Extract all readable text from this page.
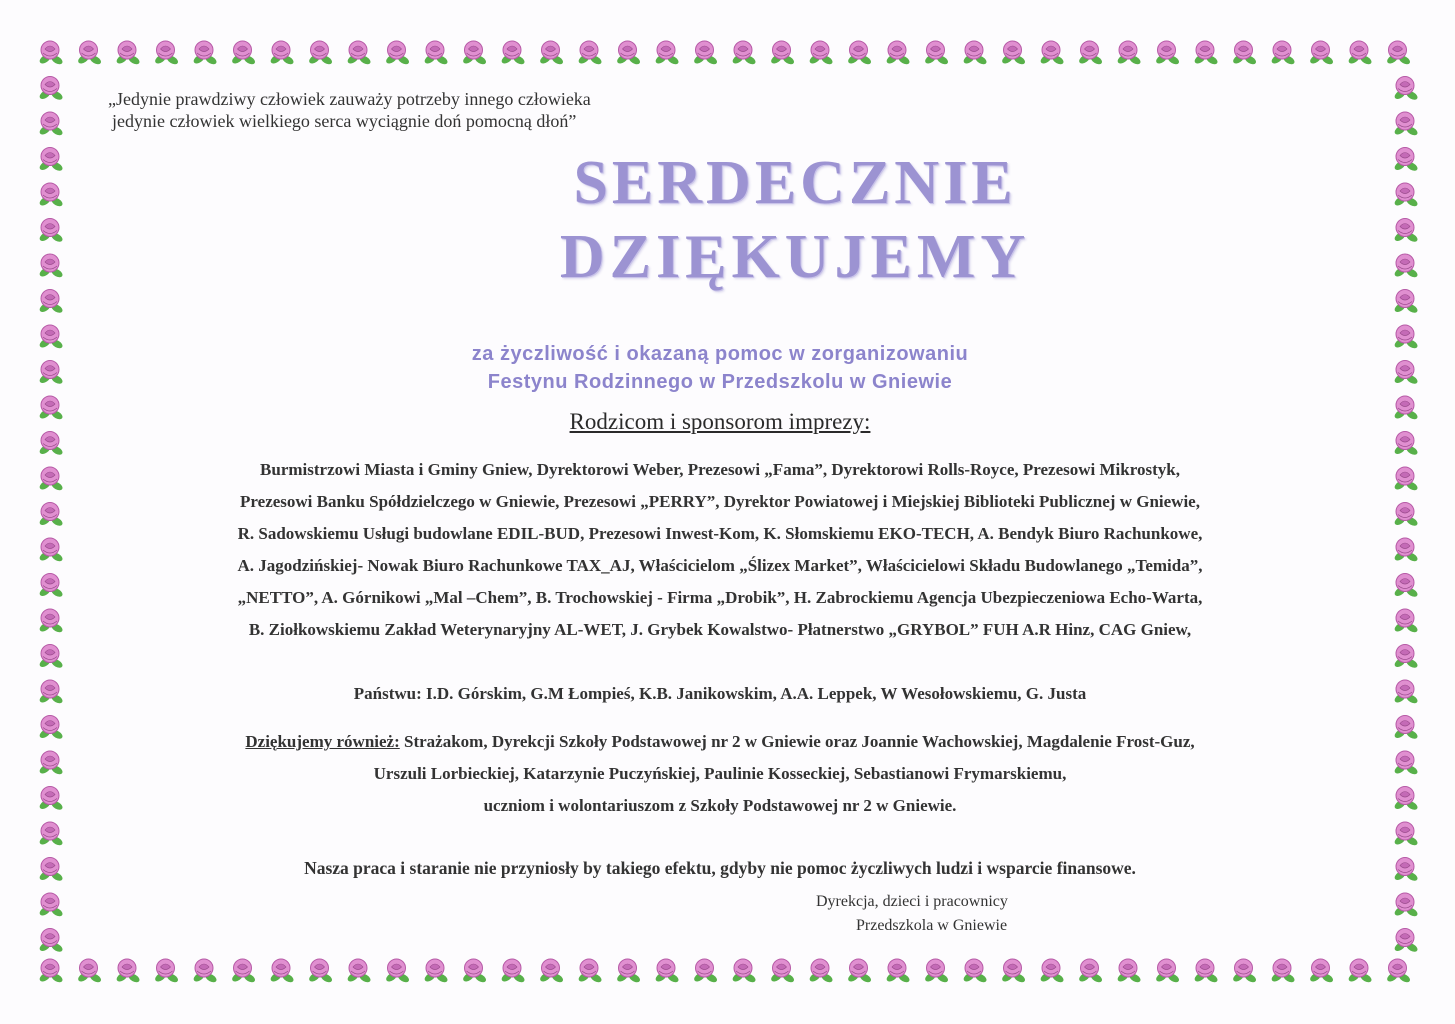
„Jedynie prawdziwy człowiek zauważy potrzeby innego człowieka
jedynie człowiek wielkiego serca wyciągnie doń pomocną dłoń”
SERDECZNIE
DZIĘKUJEMY
za życzliwość i okazaną pomoc w zorganizowaniu
Festynu Rodzinnego w Przedszkolu w Gniewie
Rodzicom i sponsorom imprezy:
Burmistrzowi Miasta i Gminy Gniew, Dyrektorowi Weber, Prezesowi „Fama”, Dyrektorowi Rolls-Royce, Prezesowi Mikrostyk,
Prezesowi Banku Spółdzielczego w Gniewie, Prezesowi „PERRY”, Dyrektor Powiatowej i Miejskiej Biblioteki Publicznej w Gniewie,
R. Sadowskiemu Usługi budowlane EDIL-BUD, Prezesowi Inwest-Kom, K. Słomskiemu EKO-TECH, A. Bendyk Biuro Rachunkowe,
A. Jagodzińskiej- Nowak Biuro Rachunkowe TAX_AJ, Właścicielom „Ślizex Market”, Właścicielowi Składu Budowlanego „Temida”,
„NETTO”, A. Górnikowi „Mal –Chem”, B. Trochowskiej - Firma „Drobik”, H. Zabrockiemu Agencja Ubezpieczeniowa Echo-Warta,
B. Ziołkowskiemu Zakład Weterynaryjny AL-WET, J. Grybek Kowalstwo- Płatnerstwo „GRYBOL” FUH A.R Hinz, CAG Gniew,
Państwu: I.D. Górskim, G.M Łompieś, K.B. Janikowskim, A.A. Leppek, W Wesołowskiemu, G. Justa
Dziękujemy również: Strażakom, Dyrekcji Szkoły Podstawowej nr 2 w Gniewie oraz Joannie Wachowskiej, Magdalenie Frost-Guz,
Urszuli Lorbieckiej, Katarzynie Puczyńskiej, Paulinie Kosseckiej, Sebastianowi Frymarskiemu,
uczniom i wolontariuszom z Szkoły Podstawowej nr 2 w Gniewie.
Nasza praca i staranie nie przyniosły by takiego efektu, gdyby nie pomoc życzliwych ludzi i wsparcie finansowe.
Dyrekcja, dzieci i pracownicy
Przedszkola w Gniewie
